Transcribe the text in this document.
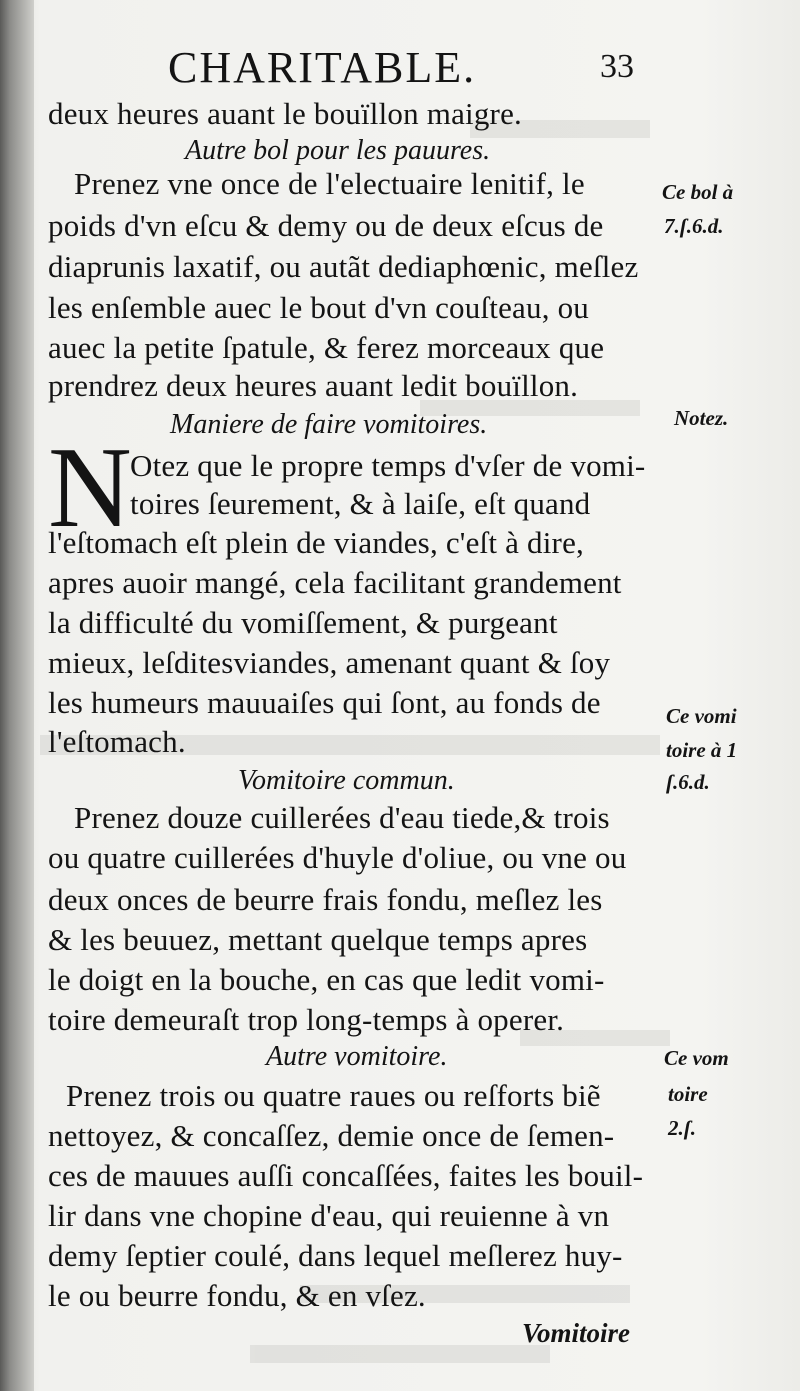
CHARITABLE.	33
deux heures auant le bouïllon maigre.
Autre bol pour les pauures.
Prenez vne once de l'electuaire lenitif, le
poids d'vn eſcu & demy ou de deux eſcus de
diaprunis laxatif, ou autãt dediaphœnic, meſlez
les enſemble auec le bout d'vn couſteau, ou
auec la petite ſpatule, & ferez morceaux que
prendrez deux heures auant ledit bouïllon.
Maniere de faire vomitoires.
N
Otez que le propre temps d'vſer de vomi-
toires ſeurement, & à laiſe, eſt quand
l'eſtomach eſt plein de viandes, c'eſt à dire,
apres auoir mangé, cela facilitant grandement
la difficulté du vomiſſement, & purgeant
mieux, leſditesviandes, amenant quant & ſoy
les humeurs mauuaiſes qui ſont, au fonds de
l'eſtomach.
Vomitoire commun.
Prenez douze cuillerées d'eau tiede,& trois
ou quatre cuillerées d'huyle d'oliue, ou vne ou
deux onces de beurre frais fondu, meſlez les
& les beuuez, mettant quelque temps apres
le doigt en la bouche, en cas que ledit vomi-
toire demeuraſt trop long-temps à operer.
Autre vomitoire.
Prenez trois ou quatre raues ou reſforts biẽ
nettoyez, & concaſſez, demie once de ſemen-
ces de mauues auſſi concaſſées, faites les bouil-
lir dans vne chopine d'eau, qui reuienne à vn
demy ſeptier coulé, dans lequel meſlerez huy-
le ou beurre fondu, & en vſez.
Vomitoire
Ce bol à
7.ſ.6.d.
Notez.
Ce vomi
toire à 1
ſ.6.d.
Ce vom
toire
2.ſ.
